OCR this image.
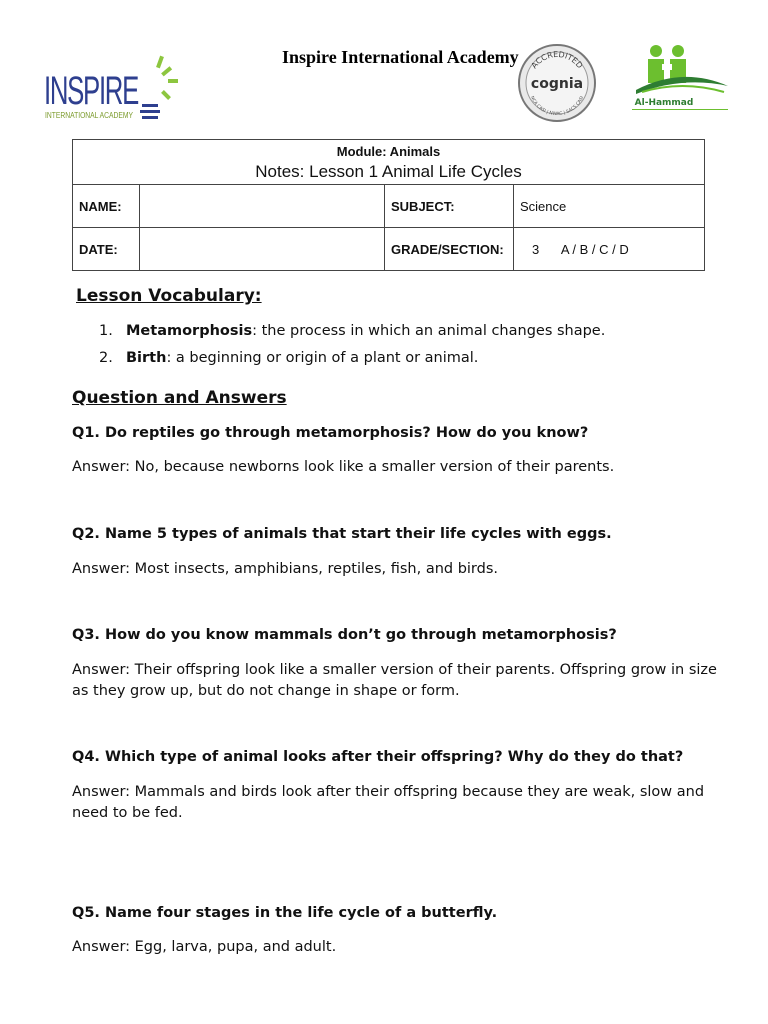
INSPIRE
INTERNATIONAL ACADEMY
Inspire International Academy ACCREDITED
cognia
NCA CASI | NWAC | SACS CASI
Al-Hammad
Module: Animals
Notes: Lesson 1 Animal Life Cycles			

NAME:		SUBJECT:	Science
DATE:		GRADE/SECTION:	3 A / B / C / D
Lesson Vocabulary:
1. Metamorphosis: the process in which an animal changes shape.
2. Birth: a beginning or origin of a plant or animal.
Question and Answers
Q1. Do reptiles go through metamorphosis? How do you know?
Answer: No, because newborns look like a smaller version of their parents.
Q2. Name 5 types of animals that start their life cycles with eggs.
Answer: Most insects, amphibians, reptiles, fish, and birds.
Q3. How do you know mammals don’t go through metamorphosis?
Answer: Their offspring look like a smaller version of their parents. Offspring grow in size as they grow up, but do not change in shape or form.
Q4. Which type of animal looks after their offspring? Why do they do that?
Answer: Mammals and birds look after their offspring because they are weak, slow and need to be fed.
Q5. Name four stages in the life cycle of a butterfly.
Answer: Egg, larva, pupa, and adult.
